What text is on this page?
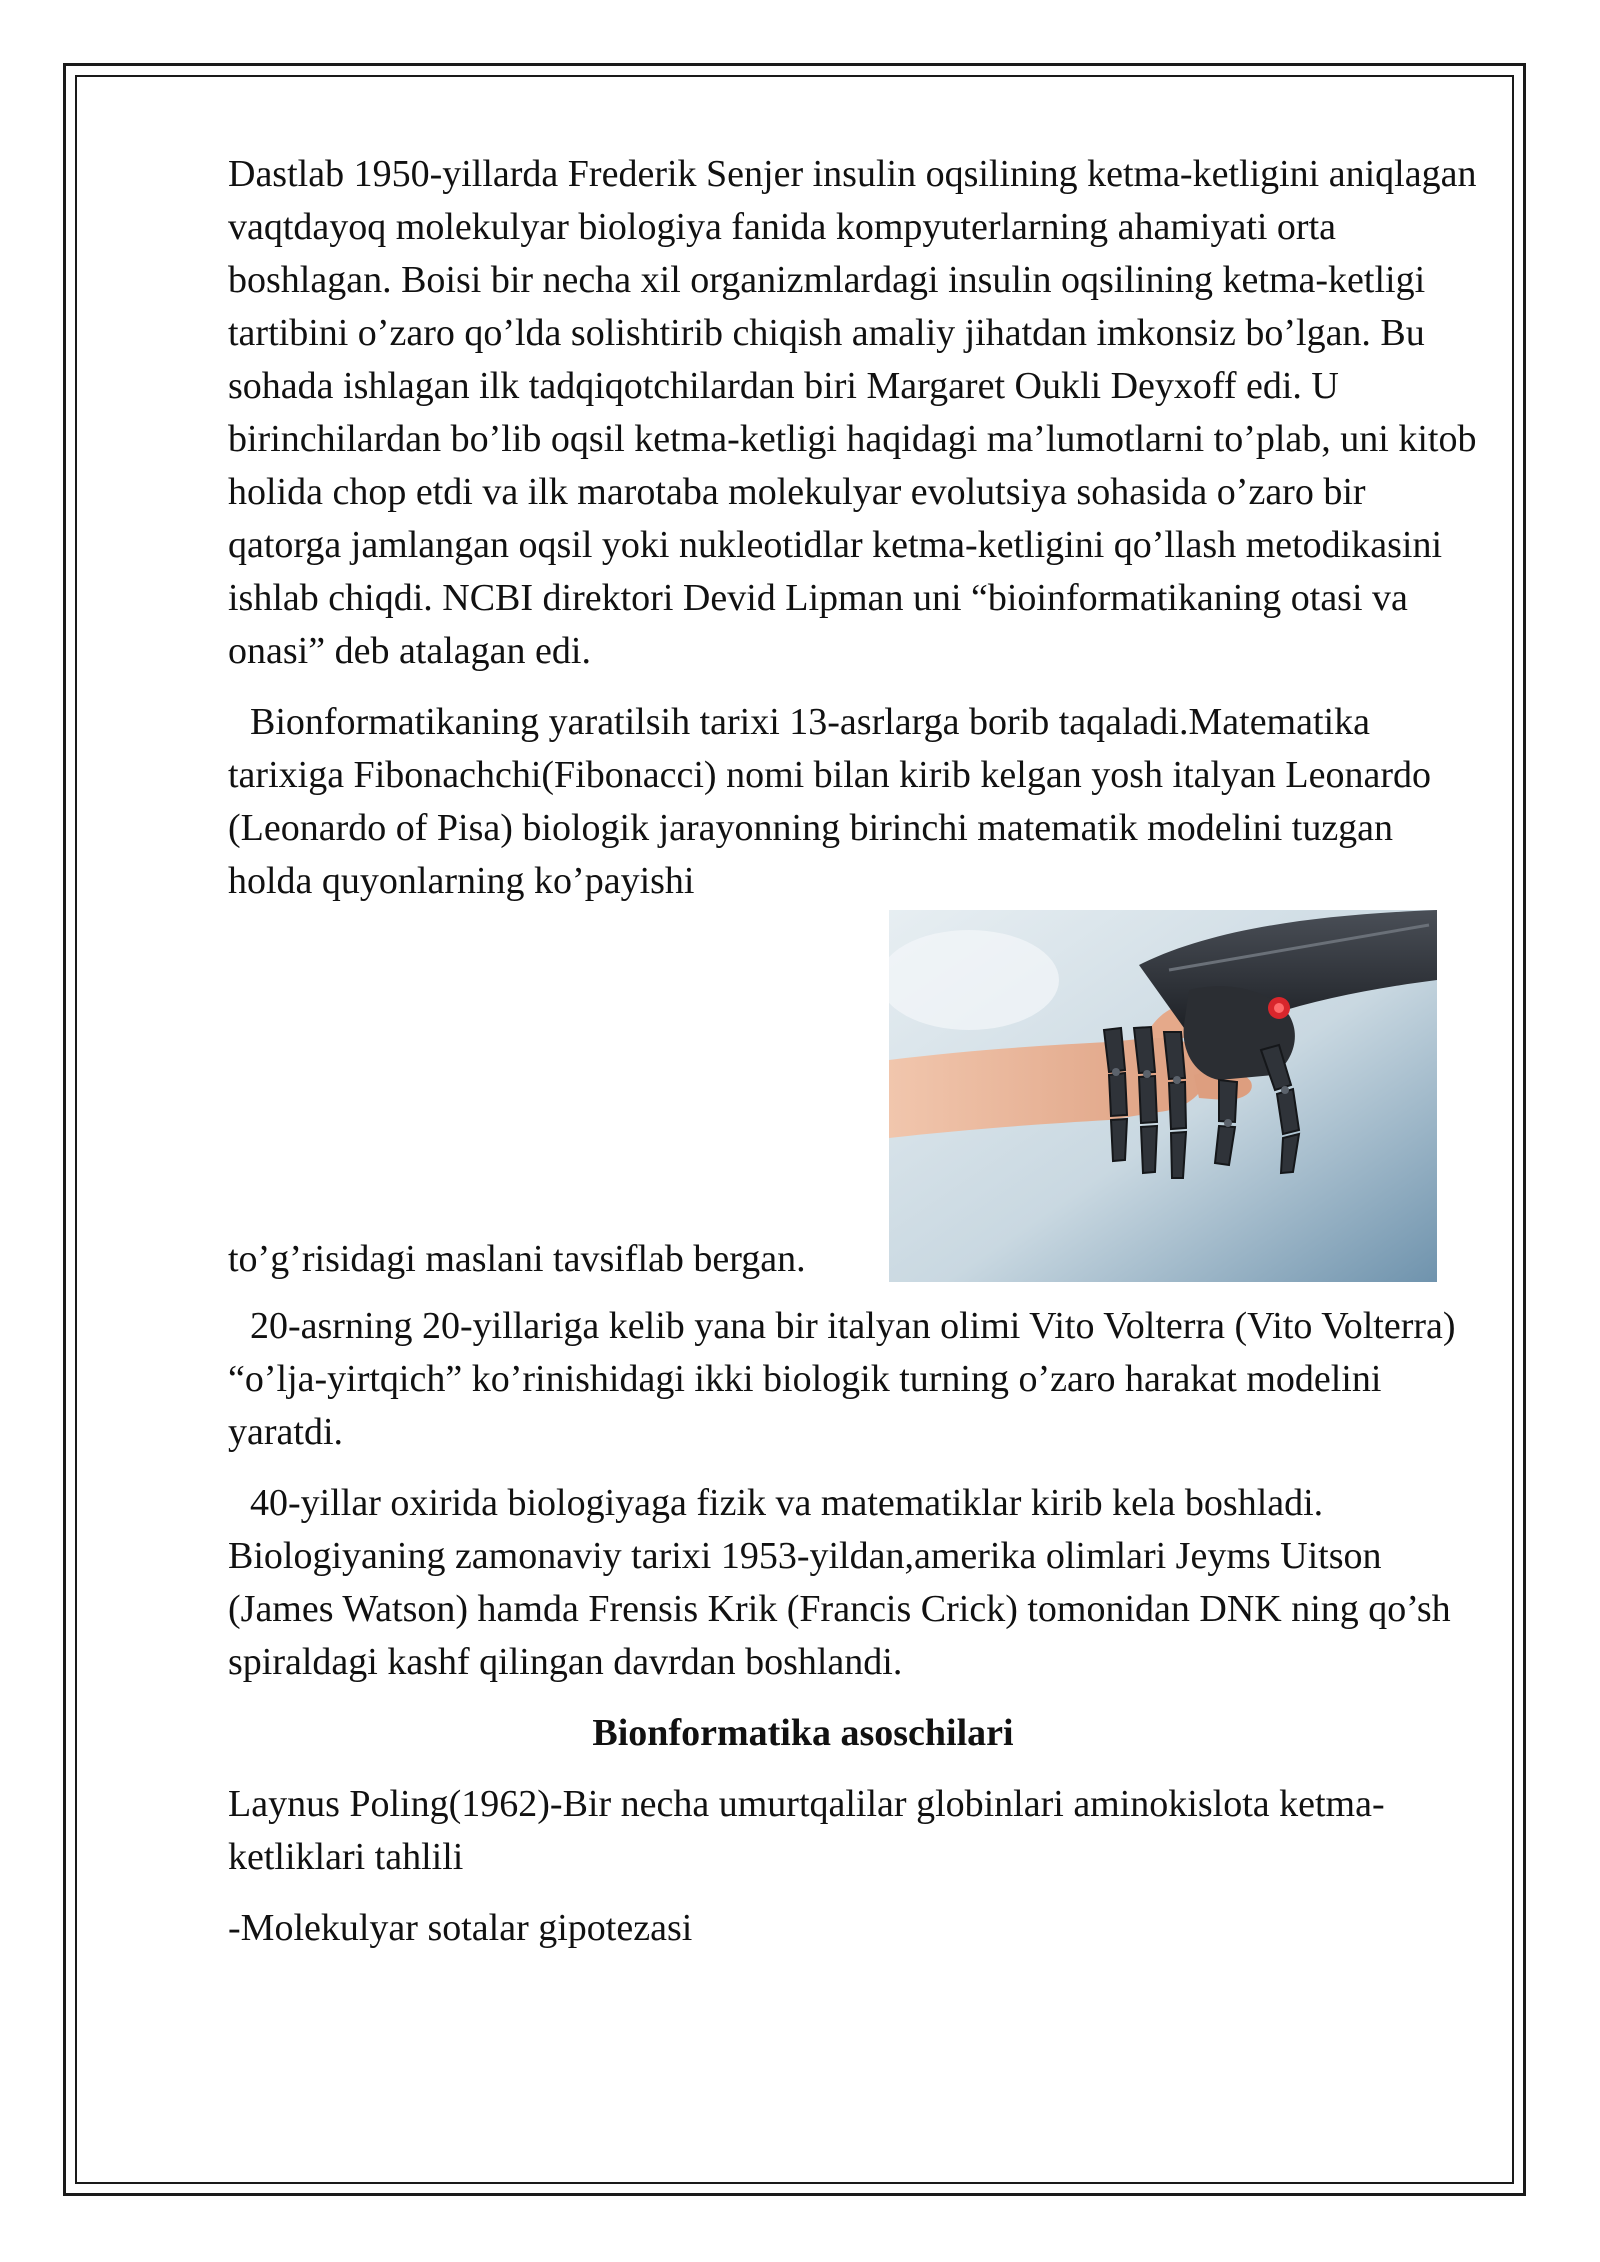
Dastlab 1950-yillarda Frederik Senjer insulin oqsilining ketma-ketligini aniqlagan vaqtdayoq molekulyar biologiya fanida kompyuterlarning ahamiyati orta boshlagan. Boisi bir necha xil organizmlardagi insulin oqsilining ketma-ketligi tartibini o’zaro qo’lda solishtirib chiqish amaliy jihatdan imkonsiz bo’lgan. Bu sohada ishlagan ilk tadqiqotchilardan biri Margaret Oukli Deyxoff edi. U birinchilardan bo’lib oqsil ketma-ketligi haqidagi ma’lumotlarni to’plab, uni kitob holida chop etdi va ilk marotaba molekulyar evolutsiya sohasida o’zaro bir qatorga jamlangan oqsil yoki nukleotidlar ketma-ketligini qo’llash metodikasini ishlab chiqdi. NCBI direktori Devid Lipman uni “bioinformatikaning otasi va onasi” deb atalagan edi.

Bionformatikaning yaratilsih tarixi 13-asrlarga borib taqaladi.Matematika tarixiga Fibonachchi(Fibonacci) nomi bilan kirib kelgan yosh italyan Leonardo (Leonardo of Pisa) biologik jarayonning birinchi matematik modelini tuzgan holda quyonlarning ko’payishi

to’g’risidagi maslani tavsiflab bergan.

20-asrning 20-yillariga kelib yana bir italyan olimi Vito Volterra (Vito Volterra) “o’lja-yirtqich” ko’rinishidagi ikki biologik turning o’zaro harakat modelini yaratdi.

40-yillar oxirida biologiyaga fizik va matematiklar kirib kela boshladi. Biologiyaning zamonaviy tarixi 1953-yildan,amerika olimlari Jeyms Uitson (James Watson) hamda Frensis Krik (Francis Crick) tomonidan DNK ning qo’sh spiraldagi kashf qilingan davrdan boshlandi.

Bionformatika asoschilari

Laynus Poling(1962)-Bir necha umurtqalilar globinlari aminokislota ketma-ketliklari tahlili

-Molekulyar sotalar gipotezasi
